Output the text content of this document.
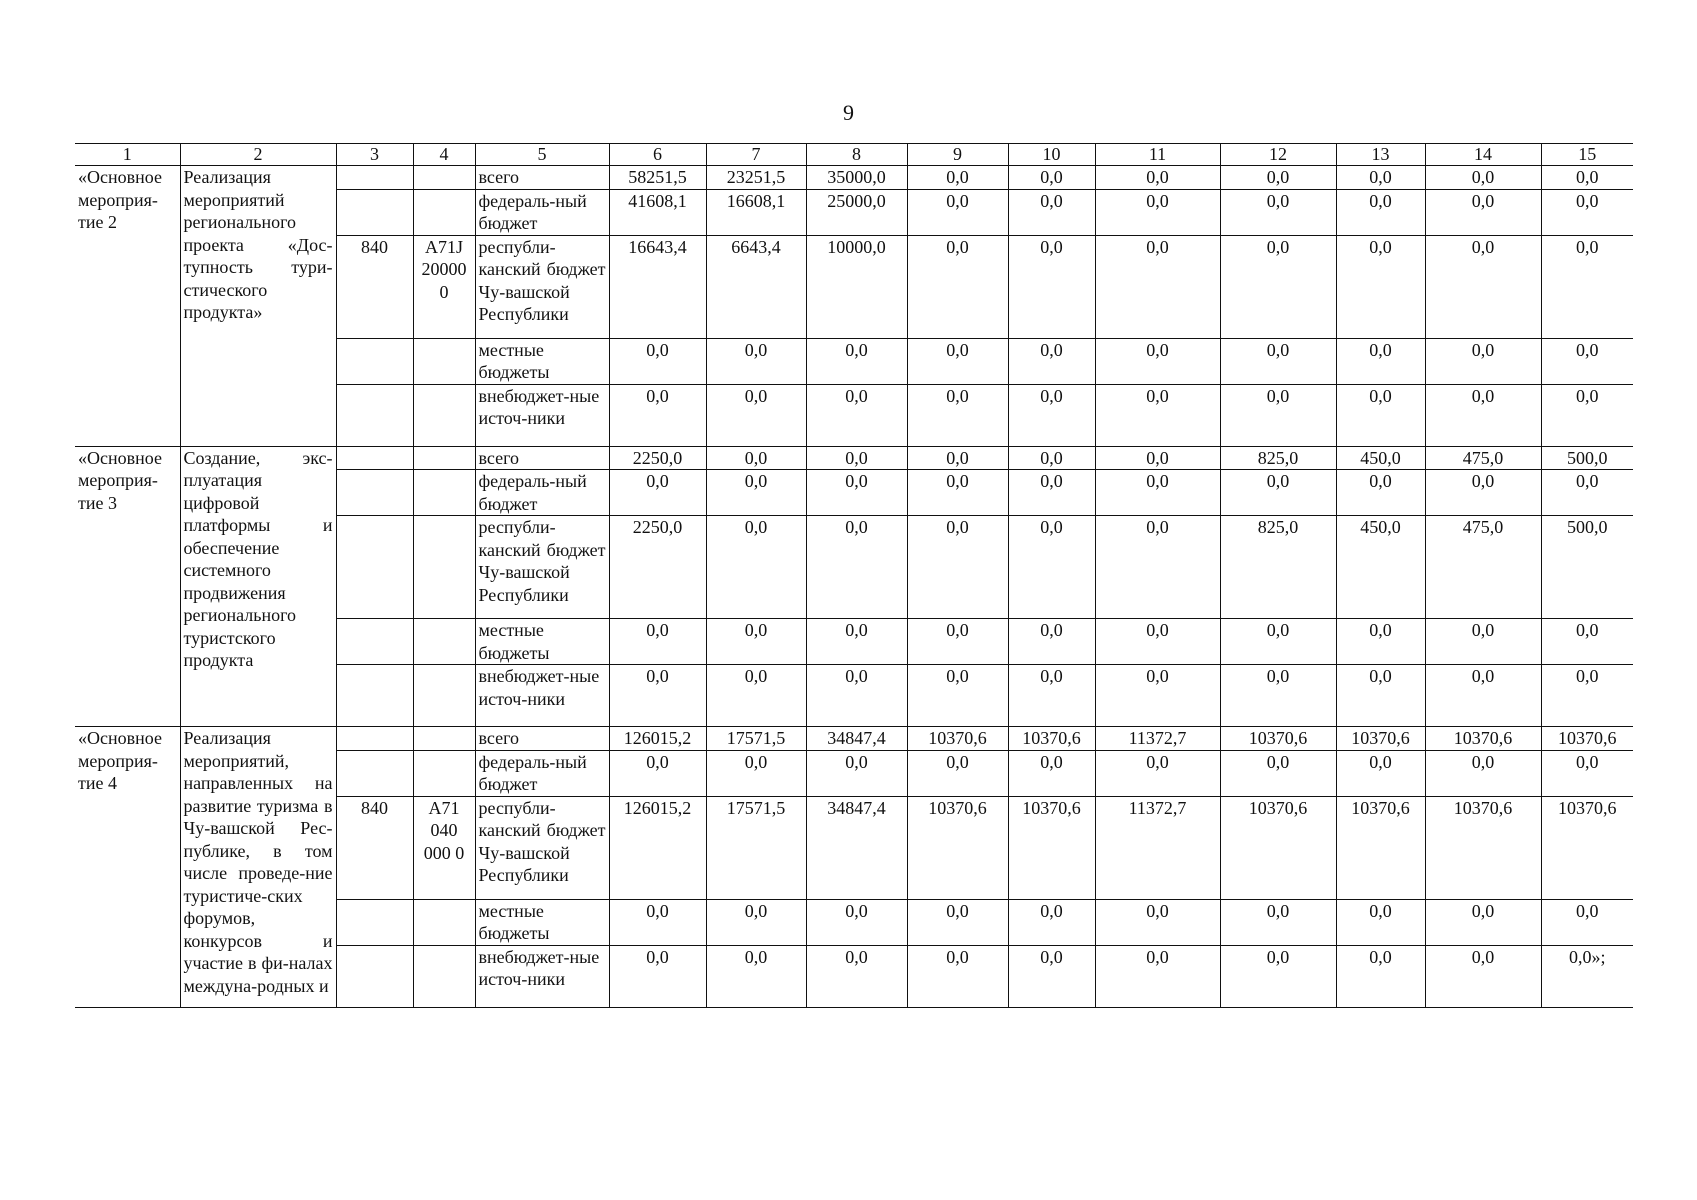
9
1	2	3	4	5	6	7	8	9	10	11	12	13	14	15
«Основное мероприя-тие 2	Реализация мероприятий регионального проекта «Дос-тупность тури-стического продукта»			всего	58251,5	23251,5	35000,0	0,0	0,0	0,0	0,0	0,0	0,0	0,0
				федераль-ный бюджет	41608,1	16608,1	25000,0	0,0	0,0	0,0	0,0	0,0	0,0	0,0
		840	А71J 20000 0	республи-канский бюджет Чу-вашской Республики	16643,4	6643,4	10000,0	0,0	0,0	0,0	0,0	0,0	0,0	0,0
				местные бюджеты	0,0	0,0	0,0	0,0	0,0	0,0	0,0	0,0	0,0	0,0
				внебюджет-ные источ-ники	0,0	0,0	0,0	0,0	0,0	0,0	0,0	0,0	0,0	0,0
«Основное мероприя-тие 3	Создание, экс-плуатация цифровой платформы и обеспечение системного продвижения регионального туристского продукта			всего	2250,0	0,0	0,0	0,0	0,0	0,0	825,0	450,0	475,0	500,0
				федераль-ный бюджет	0,0	0,0	0,0	0,0	0,0	0,0	0,0	0,0	0,0	0,0
				республи-канский бюджет Чу-вашской Республики	2250,0	0,0	0,0	0,0	0,0	0,0	825,0	450,0	475,0	500,0
				местные бюджеты	0,0	0,0	0,0	0,0	0,0	0,0	0,0	0,0	0,0	0,0
				внебюджет-ные источ-ники	0,0	0,0	0,0	0,0	0,0	0,0	0,0	0,0	0,0	0,0
«Основное мероприя-тие 4	Реализация мероприятий, направленных на развитие туризма в Чу-вашской Рес-публике, в том числе проведе-ние туристиче-ских форумов, конкурсов и участие в фи-налах междуна-родных и			всего	126015,2	17571,5	34847,4	10370,6	10370,6	11372,7	10370,6	10370,6	10370,6	10370,6
				федераль-ный бюджет	0,0	0,0	0,0	0,0	0,0	0,0	0,0	0,0	0,0	0,0
		840	А71 040 000 0	республи-канский бюджет Чу-вашской Республики	126015,2	17571,5	34847,4	10370,6	10370,6	11372,7	10370,6	10370,6	10370,6	10370,6
				местные бюджеты	0,0	0,0	0,0	0,0	0,0	0,0	0,0	0,0	0,0	0,0
				внебюджет-ные источ-ники	0,0	0,0	0,0	0,0	0,0	0,0	0,0	0,0	0,0	0,0»;
